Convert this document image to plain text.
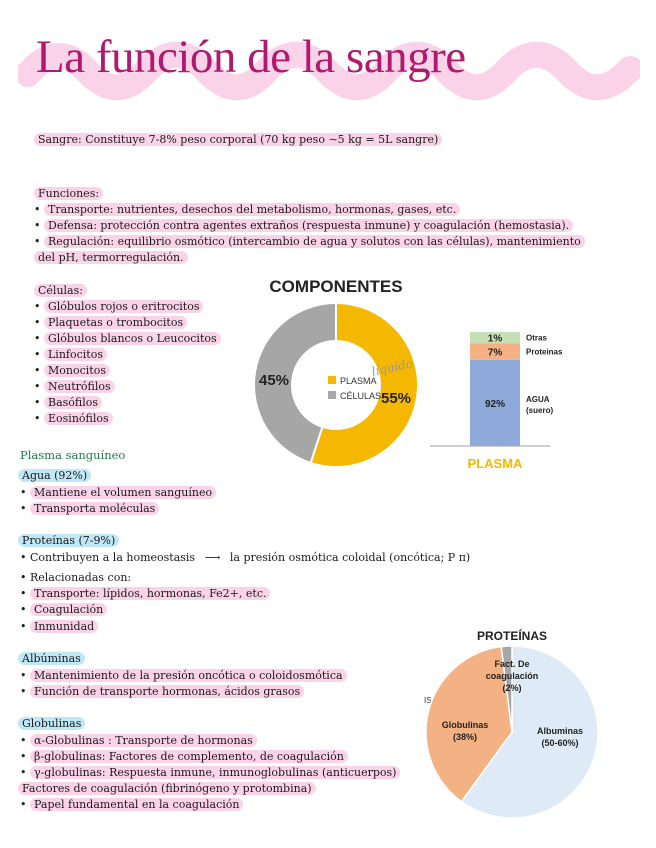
La función de la sangre
Sangre: Constituye 7-8% peso corporal (70 kg peso ∼5 kg = 5L sangre)
Funciones:
• Transporte: nutrientes, desechos del metabolismo, hormonas, gases, etc.
• Defensa: protección contra agentes extraños (respuesta inmune) y coagulación (hemostasia).
• Regulación: equilibrio osmótico (intercambio de agua y solutos con las células), mantenimiento
del pH, termorregulación.
Células:
• Glóbulos rojos o eritrocitos
• Plaquetas o trombocitos
• Glóbulos blancos o Leucocitos
• Linfocitos
• Monocitos
• Neutrófilos
• Basófilos
• Eosinófilos
Plasma sanguíneo
Agua (92%)
• Mantiene el volumen sanguíneo
• Transporta moléculas
Proteínas (7-9%)
• Contribuyen a la homeostasis ⟶ la presión osmótica coloidal (oncótica; P π)
• Relacionadas con:
• Transporte: lípidos, hormonas, Fe2+, etc.
• Coagulación
• Inmunidad
Albúminas
• Mantenimiento de la presión oncótica o coloidosmótica
• Función de transporte hormonas, ácidos grasos
Globulinas
• α-Globulinas : Transporte de hormonas
• β-globulinas: Factores de complemento, de coagulación
• γ-globulinas: Respuesta inmune, inmunoglobulinas (anticuerpos)
Factores de coagulación (fibrinógeno y protombina)
• Papel fundamental en la coagulación
COMPONENTES
PLASMA
CÉLULAS 55%
45%
líquido
92%
7%	Proteinas
1%	Otras
AGUA
(suero)
PLASMA
PROTEÍNAS
IS
Albuminas
(50-60%)
Globulinas
(38%)
Fact. De
coagulación
(2%)
